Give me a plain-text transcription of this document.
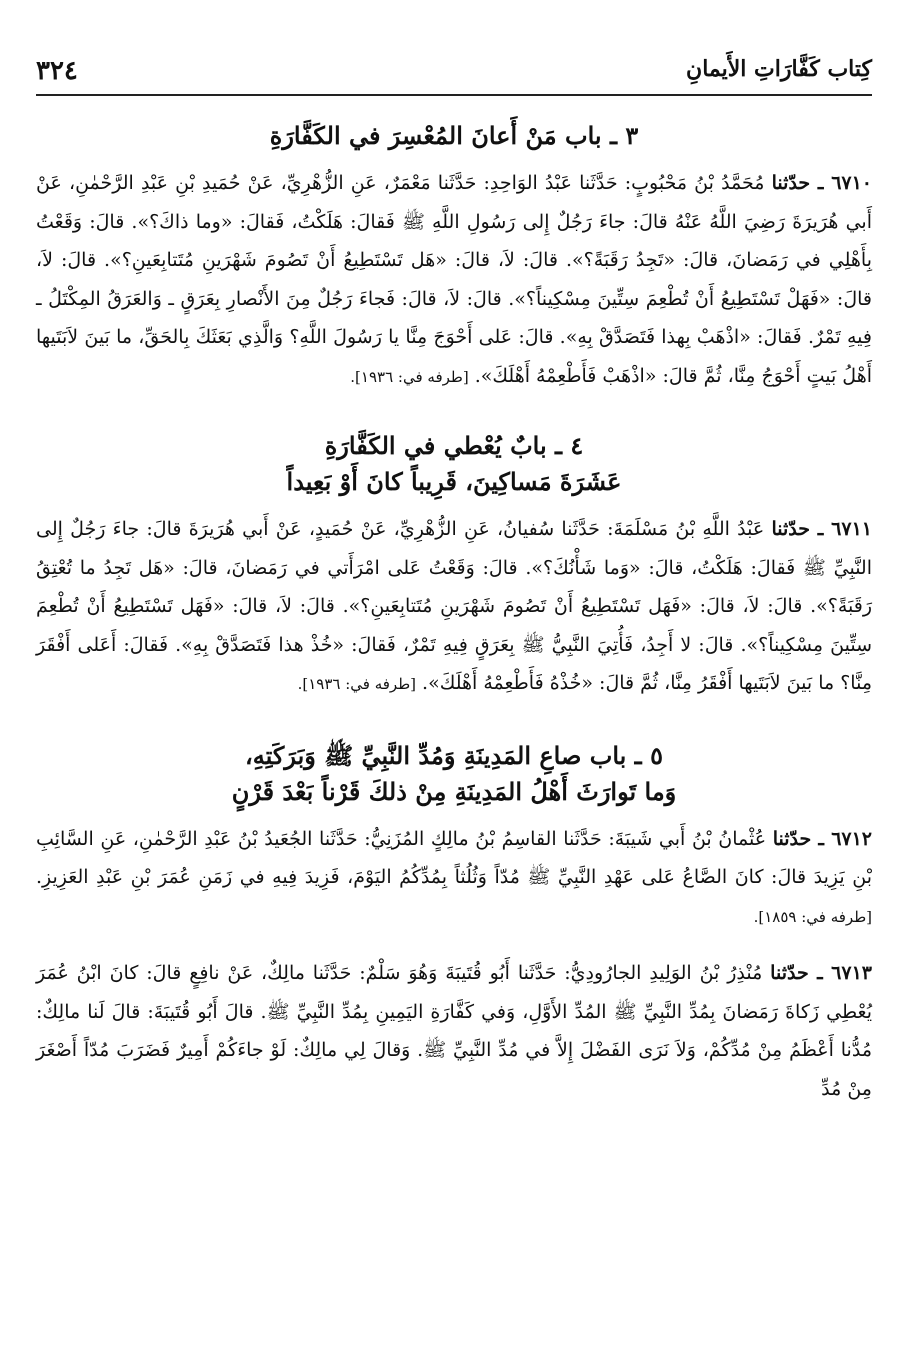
٣٢٤	كِتاب كَفَّارَاتِ الأَيمانِ
٣ ـ باب مَنْ أَعانَ المُعْسِرَ في الكَفَّارَةِ

٦٧١٠ ـ حدّثنا مُحَمَّدُ بْنُ مَحْبُوبٍ: حَدَّثَنا عَبْدُ الوَاحِدِ: حَدَّثَنا مَعْمَرٌ، عَنِ الزُّهْرِيِّ، عَنْ حُمَيدِ بْنِ عَبْدِ الرَّحْمٰنِ، عَنْ أَبي هُرَيرَةَ رَضِيَ اللَّهُ عَنْهُ قالَ: جاءَ رَجُلٌ إِلى رَسُولِ اللَّهِ ﷺ فَقالَ: هَلَكْتُ، فَقالَ: «وما ذاكَ؟». قالَ: وَقَعْتُ بِأَهْلِي في رَمَضانَ، قالَ: «تَجِدُ رَقَبَةً؟». قالَ: لاَ، قالَ: «هَل تَسْتَطِيعُ أَنْ تَصُومَ شَهْرَينِ مُتَتابِعَينِ؟». قالَ: لاَ، قالَ: «فَهَلْ تَسْتَطِيعُ أَنْ تُطْعِمَ سِتِّينَ مِسْكِيناً؟». قالَ: لاَ، قالَ: فَجاءَ رَجُلٌ مِنَ الأَنْصارِ بِعَرَقٍ ـ وَالعَرَقُ المِكْتَلُ ـ فِيهِ تَمْرٌ. فَقالَ: «اذْهَبْ بِهذا فَتَصَدَّقْ بِهِ». قالَ: عَلى أَحْوَجَ مِنَّا يا رَسُولَ اللَّهِ؟ وَالَّذِي بَعَثَكَ بِالحَقِّ، ما بَينَ لاَبَتَيها أَهْلُ بَيتٍ أَحْوَجُ مِنَّا، ثُمَّ قالَ: «اذْهَبْ فَأَطْعِمْهُ أَهْلَكَ». [طرفه في: ١٩٣٦].

٤ ـ بابٌ يُعْطي في الكَفَّارَةِ
عَشَرَةَ مَساكِينَ، قَرِيباً كانَ أَوْ بَعِيداً

٦٧١١ ـ حدّثنا عَبْدُ اللَّهِ بْنُ مَسْلَمَةَ: حَدَّثَنا سُفيانُ، عَنِ الزُّهْرِيِّ، عَنْ حُمَيدٍ، عَنْ أَبي هُرَيرَةَ قالَ: جاءَ رَجُلٌ إِلى النَّبِيِّ ﷺ فَقالَ: هَلَكْتُ، قالَ: «وَما شَأْنُكَ؟». قالَ: وَقَعْتُ عَلى امْرَأَتي في رَمَضانَ، قالَ: «هَل تَجِدُ ما تُعْتِقُ رَقَبَةً؟». قالَ: لاَ، قالَ: «فَهَل تَسْتَطِيعُ أَنْ تَصُومَ شَهْرَينِ مُتَتابِعَينِ؟». قالَ: لاَ، قالَ: «فَهَل تَسْتَطِيعُ أَنْ تُطْعِمَ سِتِّينَ مِسْكِيناً؟». قالَ: لا أَجِدُ، فَأُتِيَ النَّبِيُّ ﷺ بِعَرَقٍ فِيهِ تَمْرٌ، فَقالَ: «خُذْ هذا فَتَصَدَّقْ بِهِ». فَقالَ: أَعَلى أَفْقَرَ مِنَّا؟ ما بَينَ لاَبَتَيها أَفْقَرُ مِنَّا، ثُمَّ قالَ: «خُذْهُ فَأَطْعِمْهُ أَهْلَكَ». [طرفه في: ١٩٣٦].

٥ ـ باب صاعِ المَدِينَةِ وَمُدِّ النَّبِيِّ ﷺ وَبَرَكَتِهِ،
وَما تَوارَثَ أَهْلُ المَدِينَةِ مِنْ ذلكَ قَرْناً بَعْدَ قَرْنٍ

٦٧١٢ ـ حدّثنا عُثْمانُ بْنُ أَبي شَيبَةَ: حَدَّثَنا القاسِمُ بْنُ مالِكٍ المُزَنِيُّ: حَدَّثَنا الجُعَيدُ بْنُ عَبْدِ الرَّحْمٰنِ، عَنِ السَّائِبِ بْنِ يَزِيدَ قالَ: كانَ الصَّاعُ عَلى عَهْدِ النَّبِيِّ ﷺ مُدّاً وَثُلُثاً بِمُدِّكُمُ اليَوْمَ، فَزِيدَ فِيهِ في زَمَنِ عُمَرَ بْنِ عَبْدِ العَزِيزِ. [طرفه في: ١٨٥٩].

٦٧١٣ ـ حدّثنا مُنْذِرُ بْنُ الوَلِيدِ الجارُودِيُّ: حَدَّثَنا أَبُو قُتَيبَةَ وَهُوَ سَلْمٌ: حَدَّثَنا مالِكٌ، عَنْ نافِعٍ قالَ: كانَ ابْنُ عُمَرَ يُعْطِي زَكاةَ رَمَضانَ بِمُدِّ النَّبِيِّ ﷺ المُدِّ الأَوَّلِ، وَفي كَفَّارَةِ اليَمِينِ بِمُدِّ النَّبِيِّ ﷺ. قالَ أَبُو قُتَيبَةَ: قالَ لَنا مالِكٌ: مُدُّنا أَعْظَمُ مِنْ مُدِّكُمْ، وَلاَ نَرَى الفَضْلَ إِلاَّ في مُدِّ النَّبِيِّ ﷺ. وَقالَ لِي مالِكٌ: لَوْ جاءَكُمْ أَمِيرٌ فَضَرَبَ مُدّاً أَصْغَرَ مِنْ مُدِّ
